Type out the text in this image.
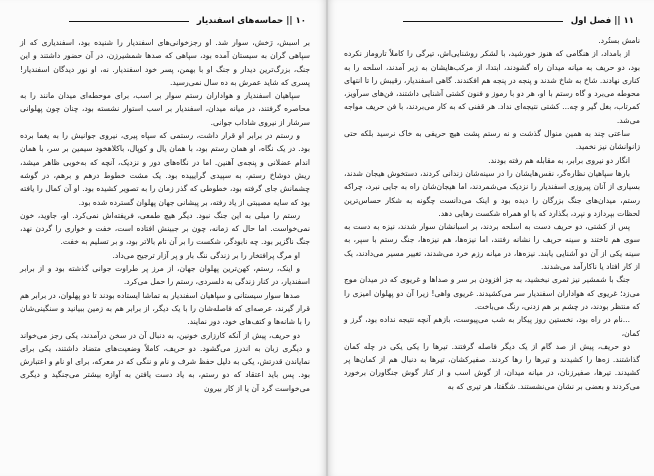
۱۰
||
حماسه‌های اسفندیار

بر اسبش، رَخش، سوار شد. او رجزخوانی‌های اسفندیار را شنیده بود، اسفندیاری که از سپاهی گران به سیستان آمده بود، سپاهی که صدها شمشیرزن، در آن حضور داشتند و این جنگ، بزرگ‌ترین دیدار و جنگ او با بهمن، پسر خود اسفندیار. نه، او نور دیدگان اسفندیار! پسری که شاید عمرش به ده سال نمی‌رسید.

سپاهیان اسفندیار و هواداران رستم سوار بر اسب، برای موحطه‌ای میدان مانند را به محاصره گرفتند، در میانه میدان، اسفندیار بر اسب استوار نشسته بود، چنان چون پهلوانی سرشار از نیروی شاداب جوانی.

و رستم در برابر او قرار داشت، رستمی که سپاه پیری، نیروی جوانیش را به یغما برده بود. در یک نگاه، او همان رستم بود، با همان یال و کوپال، باکلاهخود سیمین بر سر، با همان اندام عضلانی و پنجه‌ی آهنین. اما در نگاه‌های دور و نزدیک، آنچه که به‌خوبی ظاهر میشد، ریش دوشاخ رستم، به سپیدی گرایییده بود. یک مشت خطوط درهم و برهم، در گوشه چشمانش جای گرفته بود، خطوطی که گذر زمان را به تصویر کشیده بود. او آن کمال را یافته بود که سایه مصیبتی از یاد رفته، بر پیشانی جهان پهلوان گسترده شده بود.

رستم را میلی به این جنگ نبود. دیگر هیچ طمعی، فریفته‌اش نمی‌کرد. او، جاوید، خون نمی‌خواست. اما حال که زمانه، چون بر جبینش افتاده است، خفت و خواری را گردن نهد، جنگ ناگزیر بود. چه نابودگر، شکست را بر آن نام بالاتر بود، و بر تسلیم به خفت.

او مرگ پرافتخار را بر زندگی ننگ بار و پر آزار ترجیح می‌داد.

و اینک، رستم، کهن‌ترین پهلوان جهان، از مرز پر طراوت جوانی گذشته بود و از برابر اسفندیار، در کنار زندگی به دلسردی، رستم را حمل می‌کرد.

صدها سوار سیستانی و سپاهیان اسفندیار به تماشا ایستاده بودند تا دو پهلوان، در برابر هم قرار گیرند، عرصه‌ای که فاصله‌شان را با یک دیگر، از برابر هم به زمین ببیانید و سنگینی‌شان را با شانه‌ها و کتف‌های خود، دور نمایند.

دو حریف، پیش از آنکه کارزاری خونین، به دنبال آن در سخن درآمدند، یکی رجز می‌خواند و دیگری زبان به اندرز می‌گشود. دو حریف، کاملاً وضعیت‌های متضاد داشتند، یکی برای نمایاندن قدرتش، یکی به دلیل حفظ شرف و نام و ننگی که در معرکه، برای او نام و اعتبارش بود. پس باید اعتقاد که دو رستم، به یاد دست یافتن به آوازه بیشتر می‌جنگید و دیگری می‌خواست گرد آن یا از کار بیرون

۱۱
||
فصل اول

نامش بستُرد.

از بامداد، از هنگامی که هنوز خورشید، با لشکر روشنایی‌اش، تیرگی را کاملاً تاروماز نکرده بود، دو حریف به میانه میدان راه گشودند، ابتدا، از مرکب‌هایشان به زیر آمدند، اسلحه را به کناری نهادند. شاخ به شاخ شدند و پنجه در پنجه هم افکندند. گاهی اسفندیار، رقیبش را تا انتهای محوطه می‌برد و گاه رستم با او، هر دو با رموز و فنون کشتی آشنایی داشتند، فن‌های سرآویز، کمرتاب، بغل گیر و چه... کشتی نتیجه‌ای نداد. هر قفنی که به کار می‌بردند، با فن حریف مواجه می‌شد.

ساعتی چند به همین منوال گذشت و نه رستم پشت هیچ حریفی به خاک نرسید بلکه حتی زانوانشان نیز نخمید.

انگار دو نیروی برابر، به مقابله هم رفته بودند.

بارها سپاهیان نظاره‌گر، نفس‌هایشان را در سینه‌شان زندانی کردند، دستخوش هیجان شدند، بسیاری از آنان پیروزی اسفندیار را نزدیک می‌شمردند، اما هیجان‌شان راه به جایی نبرد، چراکه رستم، میدان‌های جنگ بزرگان را دیده بود و اینک می‌دانست چگونه به شکار حساس‌ترین لحظات بپردازد و نپرد، بگذارد که با او همراه شکست رهایی دهد.

پس از کشتی، دو حریف دست به اسلحه بردند، بر اسبانشان سوار شدند، نیزه به دست به سوی هم تاختند و سینه حریف را نشانه رفتند، اما نیزه‌ها، هم نیزه‌ها، جنگ رستم با سپر، به سینه یکی از آن دو آشنایی یابند. نیزه‌ها، در میانه رزم خرد می‌شدند، تغییر مسیر می‌دادند، یک از کار افتاد یا ناکارآمد می‌شدند.

جنگ با شمشیر نیز ثمری نبخشید، به جز افزودن بر سر و صداها و غریوی که در میدان موج می‌زد؛ غریوی که هواداران اسفندیار سر می‌کشیدند. غریوی واهی! زیرا آن دو پهلوان امیزی را که منتظر بودند، در چشم بر هم زدنی، رنگ می‌باخت.

...نام در راه بود، نخستین روز پیکار به شب می‌پیوست، بازهم آنچه نتیجه نداده بود، گرز و کمان،

دو حریف، پیش از صد گام از یک دیگر فاصله گرفتند. تیرها را یکی یکی در چله کمان گذاشتند. زه‌ها را کشیدند و تیرها را رها کردند. صفیرکشان، تیرها به دنبال هم از کمان‌ها پر کشیدند. تیرها، صفیرزنان، در میانه میدان، از گوش اسب و از کنار گوش جنگاوران برخورد می‌کردند و بعضی بر نشان می‌نشستند. شگفتا، هر تیری که به
